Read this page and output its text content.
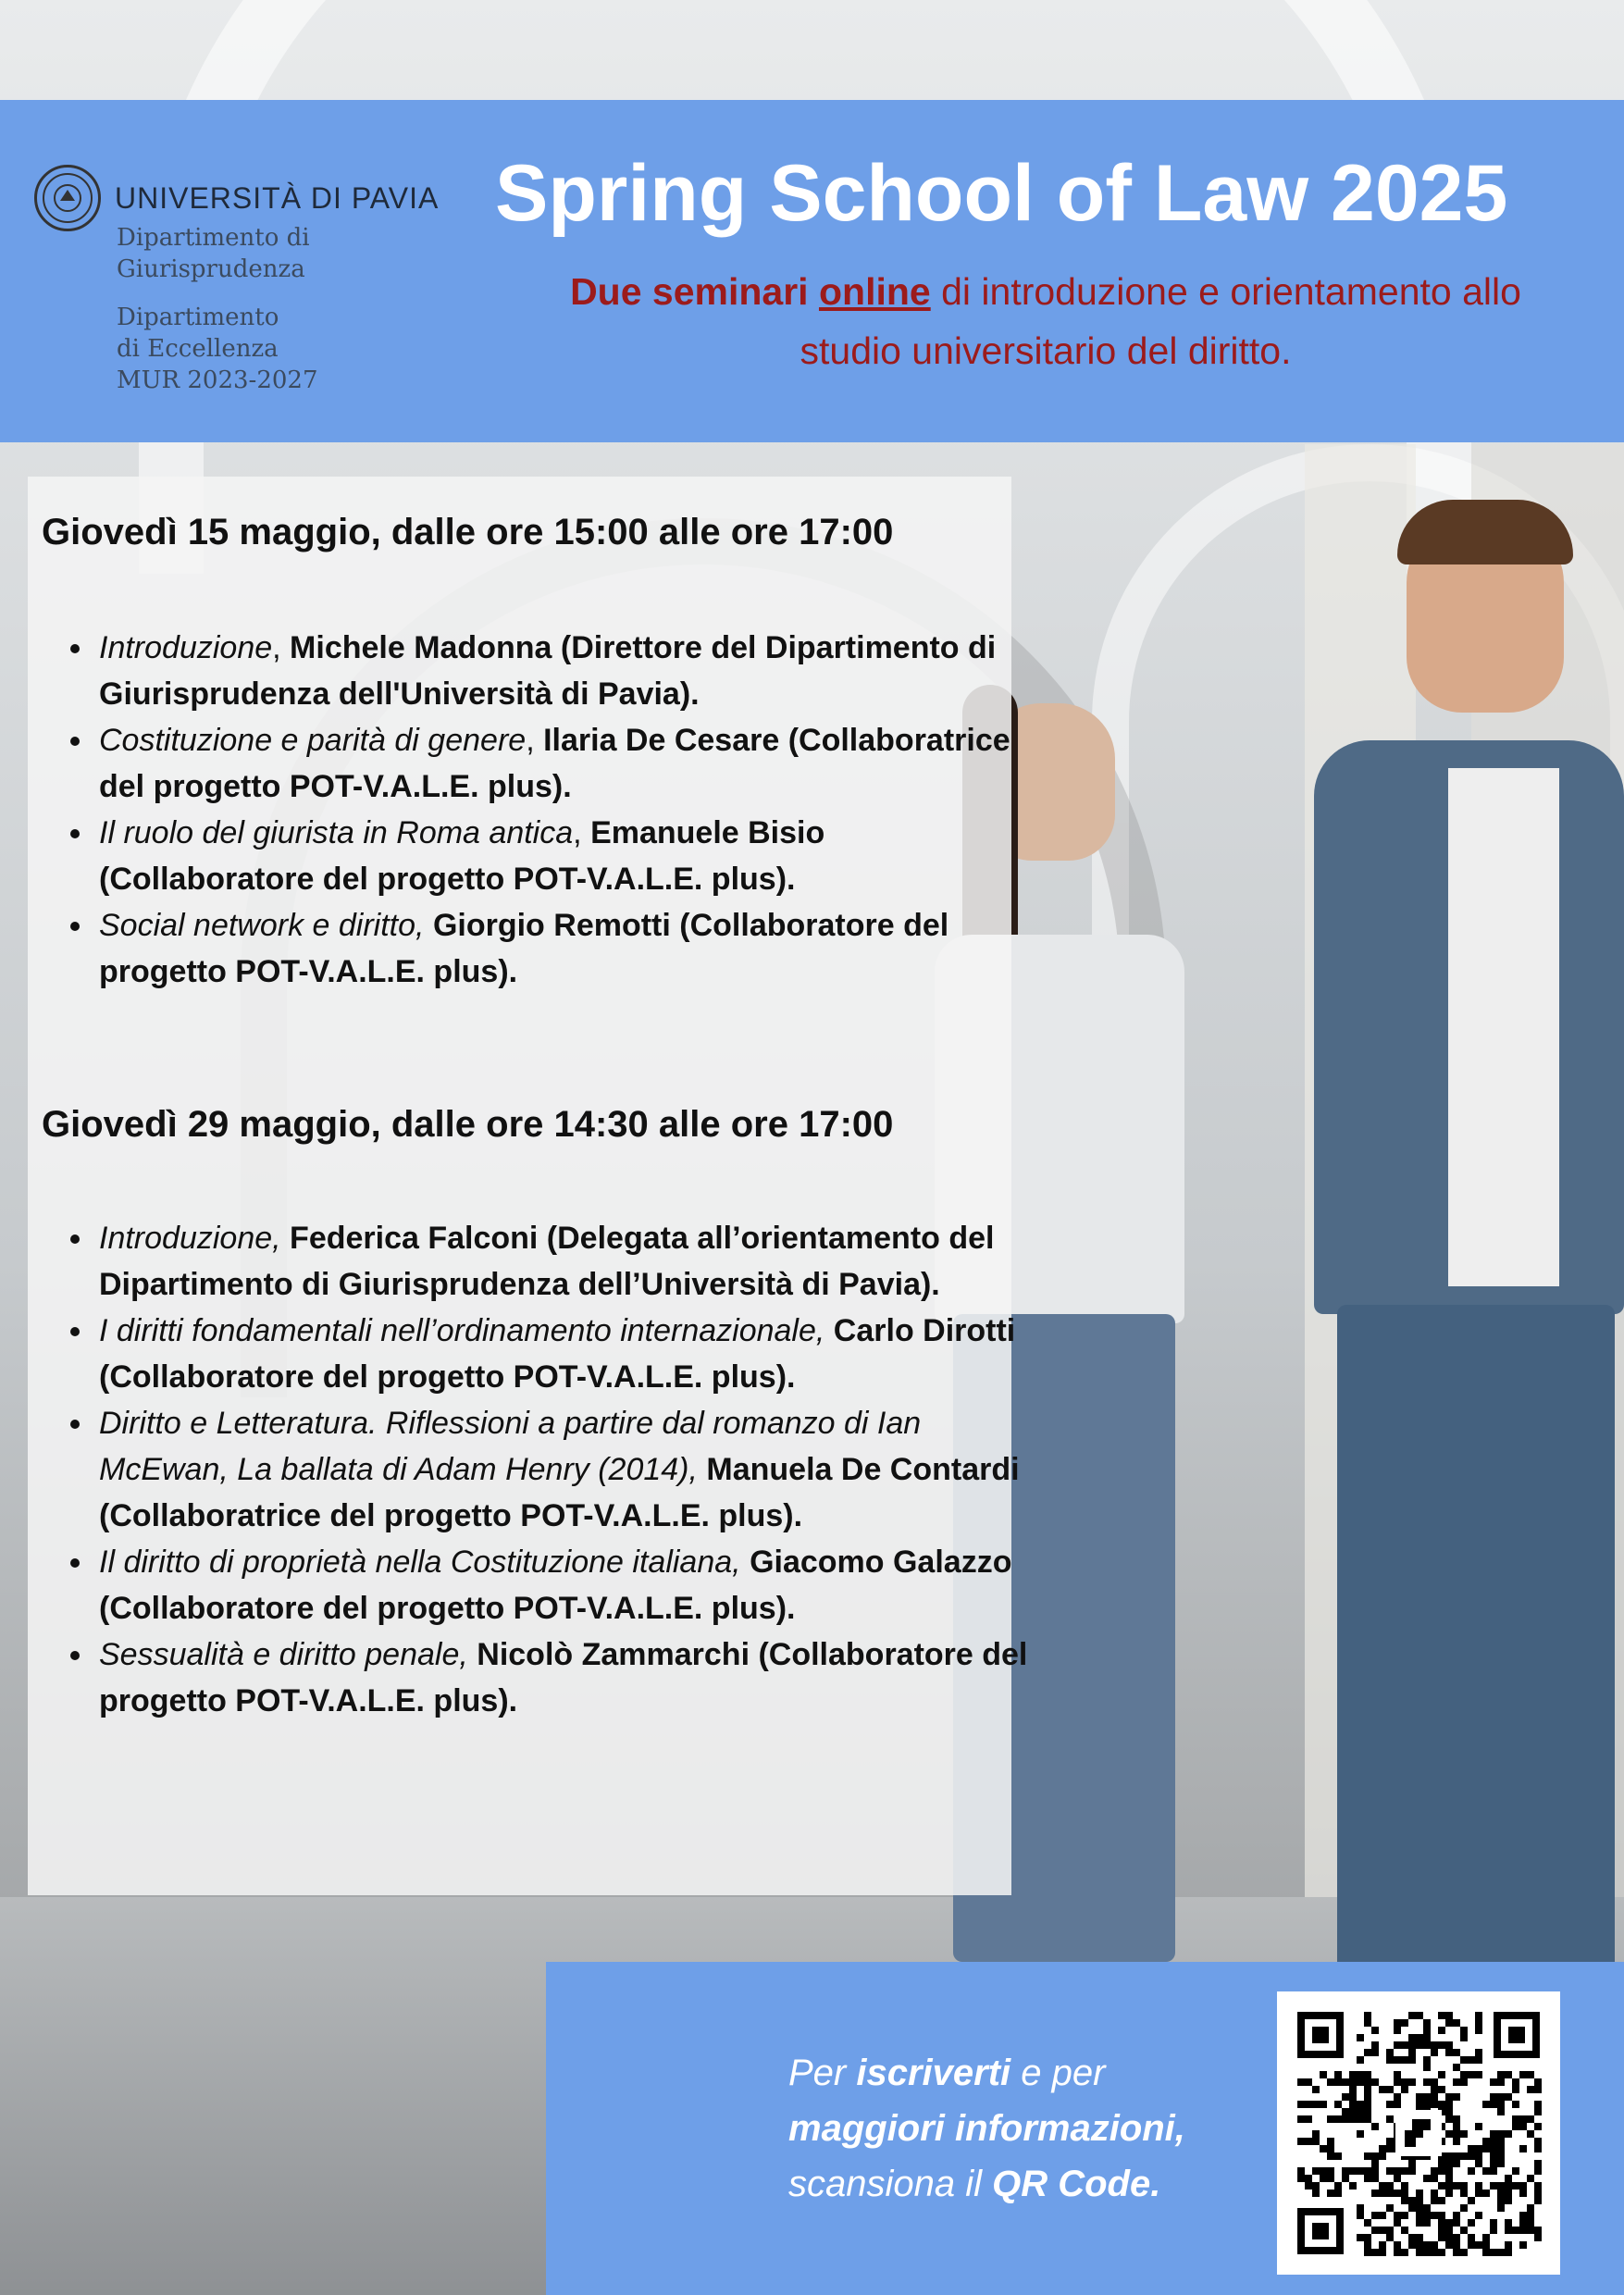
UNIVERSITÀ DI PAVIA
Dipartimento di
Giurisprudenza
Dipartimento
di Eccellenza
MUR 2023-2027
Spring School of Law 2025
Due seminari online di introduzione e orientamento allo
studio universitario del diritto.
Giovedì 15 maggio, dalle ore 15:00 alle ore 17:00
Introduzione, Michele Madonna (Direttore del Dipartimento di Giurisprudenza dell'Università di Pavia).
Costituzione e parità di genere, Ilaria De Cesare (Collaboratrice del progetto POT-V.A.L.E. plus).
Il ruolo del giurista in Roma antica, Emanuele Bisio (Collaboratore del progetto POT-V.A.L.E. plus).
Social network e diritto, Giorgio Remotti (Collaboratore del progetto POT-V.A.L.E. plus).
Giovedì 29 maggio, dalle ore 14:30 alle ore 17:00
Introduzione, Federica Falconi (Delegata all’orientamento del Dipartimento di Giurisprudenza dell’Università di Pavia).
I diritti fondamentali nell’ordinamento internazionale, Carlo Dirotti (Collaboratore del progetto POT-V.A.L.E. plus).
Diritto e Letteratura. Riflessioni a partire dal romanzo di Ian McEwan, La ballata di Adam Henry (2014), Manuela De Contardi (Collaboratrice del progetto POT-V.A.L.E. plus).
Il diritto di proprietà nella Costituzione italiana, Giacomo Galazzo (Collaboratore del progetto POT-V.A.L.E. plus).
Sessualità e diritto penale, Nicolò Zammarchi (Collaboratore del progetto POT-V.A.L.E. plus).
Per iscriverti e per
maggiori informazioni,
scansiona il QR Code.
